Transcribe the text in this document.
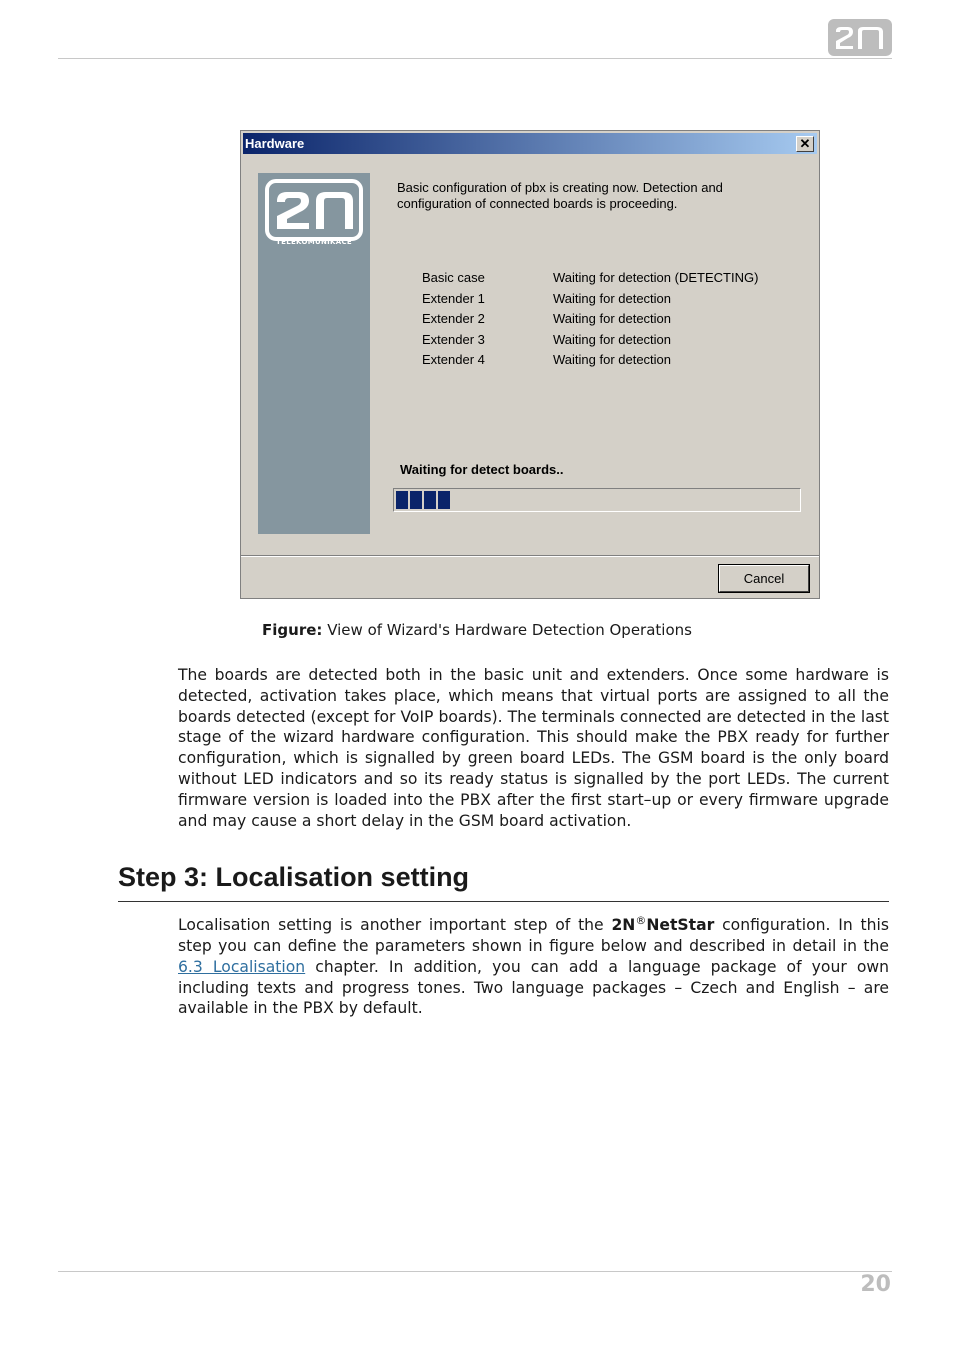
Hardware	✕
TELEKOMUNIKACE
Basic configuration of pbx is creating now. Detection and configuration of connected boards is proceeding.
Basic case	Waiting for detection (DETECTING)
Extender 1	Waiting for detection
Extender 2	Waiting for detection
Extender 3	Waiting for detection
Extender 4	Waiting for detection
Waiting for detect boards..
Cancel
Figure: View of Wizard's Hardware Detection Operations

The boards are detected both in the basic unit and extenders. Once some hardware is detected, activation takes place, which means that virtual ports are assigned to all the boards detected (except for VoIP boards). The terminals connected are detected in the last stage of the wizard hardware configuration. This should make the PBX ready for further configuration, which is signalled by green board LEDs. The GSM board is the only board without LED indicators and so its ready status is signalled by the port LEDs. The current firmware version is loaded into the PBX after the first start–up or every firmware upgrade and may cause a short delay in the GSM board activation.

Step 3: Localisation setting

Localisation setting is another important step of the 2N®NetStar configuration. In this step you can define the parameters shown in figure below and described in detail in the 6.3 Localisation chapter. In addition, you can add a language package of your own including texts and progress tones. Two language packages – Czech and English – are available in the PBX by default.

20
